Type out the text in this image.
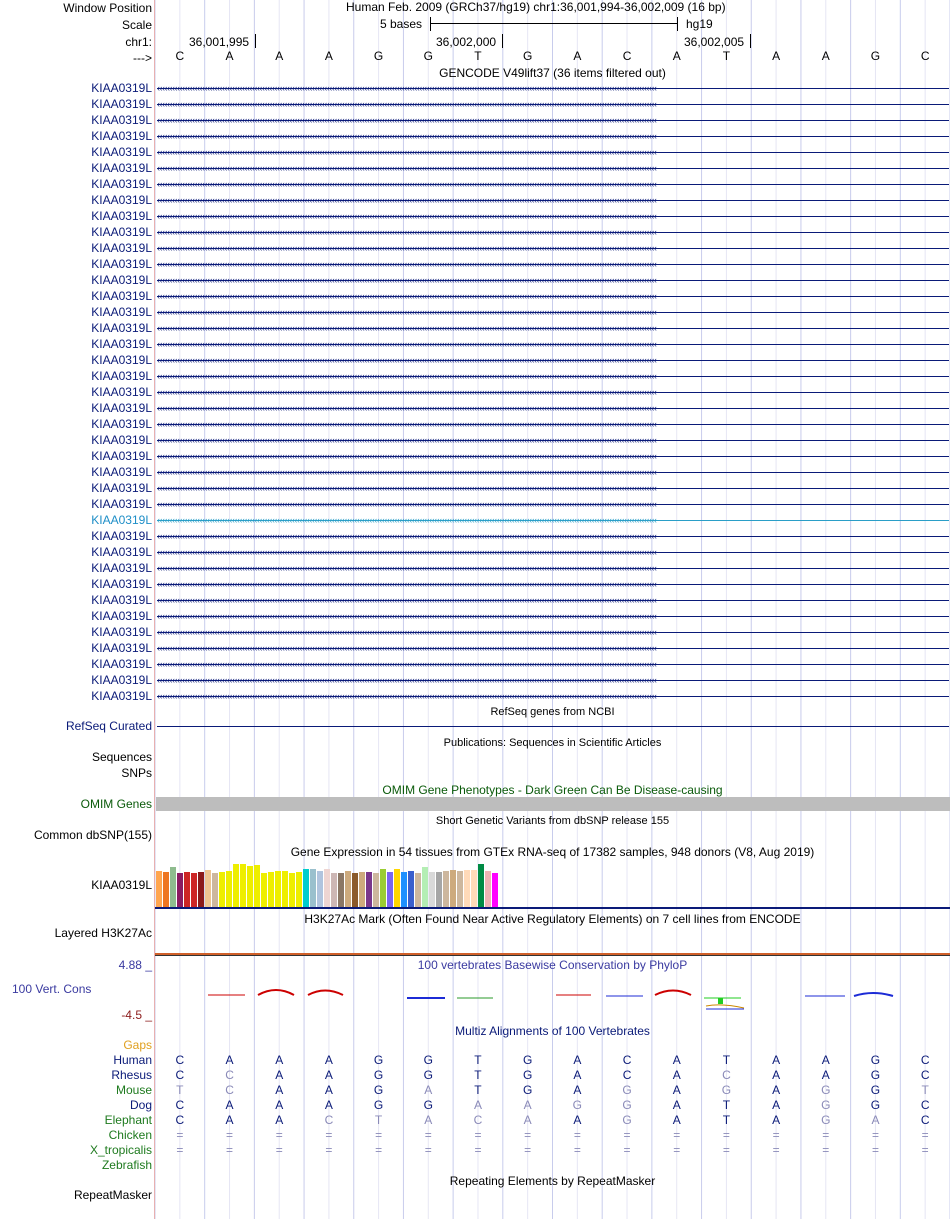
Window Position
Scale
chr1:
--->
Human Feb. 2009 (GRCh37/hg19) chr1:36,001,994-36,002,009 (16 bp)
5 bases	hg19
36,001,995	36,002,000	36,002,005
C	A	A	A	G	G	T	G	A	C	A	T	A	A	G	C
GENCODE V49lift37 (36 items filtered out)
KIAA0319L ‹‹‹‹‹‹‹‹‹‹‹‹‹‹‹‹‹‹‹‹‹‹‹‹‹‹‹‹‹‹‹‹‹‹‹‹‹‹‹‹‹‹‹‹‹‹‹‹‹‹‹‹‹‹‹‹‹‹‹‹‹‹‹‹‹‹‹‹‹‹‹‹‹‹‹‹‹‹‹‹‹‹‹‹‹‹‹‹‹‹‹‹‹‹‹‹‹‹‹‹‹‹‹‹‹‹‹‹‹‹‹‹‹‹‹‹‹‹‹‹‹‹‹‹‹‹‹‹‹‹‹‹‹‹‹‹‹‹‹‹‹‹‹‹‹‹‹‹‹‹‹‹‹‹‹‹‹‹‹‹‹‹‹‹‹‹‹‹‹‹‹‹‹‹‹‹‹‹‹‹‹‹‹‹‹‹‹‹‹‹‹‹‹‹‹‹‹‹‹‹
KIAA0319L ‹‹‹‹‹‹‹‹‹‹‹‹‹‹‹‹‹‹‹‹‹‹‹‹‹‹‹‹‹‹‹‹‹‹‹‹‹‹‹‹‹‹‹‹‹‹‹‹‹‹‹‹‹‹‹‹‹‹‹‹‹‹‹‹‹‹‹‹‹‹‹‹‹‹‹‹‹‹‹‹‹‹‹‹‹‹‹‹‹‹‹‹‹‹‹‹‹‹‹‹‹‹‹‹‹‹‹‹‹‹‹‹‹‹‹‹‹‹‹‹‹‹‹‹‹‹‹‹‹‹‹‹‹‹‹‹‹‹‹‹‹‹‹‹‹‹‹‹‹‹‹‹‹‹‹‹‹‹‹‹‹‹‹‹‹‹‹‹‹‹‹‹‹‹‹‹‹‹‹‹‹‹‹‹‹‹‹‹‹‹‹‹‹‹‹‹‹‹‹‹
KIAA0319L ‹‹‹‹‹‹‹‹‹‹‹‹‹‹‹‹‹‹‹‹‹‹‹‹‹‹‹‹‹‹‹‹‹‹‹‹‹‹‹‹‹‹‹‹‹‹‹‹‹‹‹‹‹‹‹‹‹‹‹‹‹‹‹‹‹‹‹‹‹‹‹‹‹‹‹‹‹‹‹‹‹‹‹‹‹‹‹‹‹‹‹‹‹‹‹‹‹‹‹‹‹‹‹‹‹‹‹‹‹‹‹‹‹‹‹‹‹‹‹‹‹‹‹‹‹‹‹‹‹‹‹‹‹‹‹‹‹‹‹‹‹‹‹‹‹‹‹‹‹‹‹‹‹‹‹‹‹‹‹‹‹‹‹‹‹‹‹‹‹‹‹‹‹‹‹‹‹‹‹‹‹‹‹‹‹‹‹‹‹‹‹‹‹‹‹‹‹‹‹‹
KIAA0319L ‹‹‹‹‹‹‹‹‹‹‹‹‹‹‹‹‹‹‹‹‹‹‹‹‹‹‹‹‹‹‹‹‹‹‹‹‹‹‹‹‹‹‹‹‹‹‹‹‹‹‹‹‹‹‹‹‹‹‹‹‹‹‹‹‹‹‹‹‹‹‹‹‹‹‹‹‹‹‹‹‹‹‹‹‹‹‹‹‹‹‹‹‹‹‹‹‹‹‹‹‹‹‹‹‹‹‹‹‹‹‹‹‹‹‹‹‹‹‹‹‹‹‹‹‹‹‹‹‹‹‹‹‹‹‹‹‹‹‹‹‹‹‹‹‹‹‹‹‹‹‹‹‹‹‹‹‹‹‹‹‹‹‹‹‹‹‹‹‹‹‹‹‹‹‹‹‹‹‹‹‹‹‹‹‹‹‹‹‹‹‹‹‹‹‹‹‹‹‹‹
KIAA0319L ‹‹‹‹‹‹‹‹‹‹‹‹‹‹‹‹‹‹‹‹‹‹‹‹‹‹‹‹‹‹‹‹‹‹‹‹‹‹‹‹‹‹‹‹‹‹‹‹‹‹‹‹‹‹‹‹‹‹‹‹‹‹‹‹‹‹‹‹‹‹‹‹‹‹‹‹‹‹‹‹‹‹‹‹‹‹‹‹‹‹‹‹‹‹‹‹‹‹‹‹‹‹‹‹‹‹‹‹‹‹‹‹‹‹‹‹‹‹‹‹‹‹‹‹‹‹‹‹‹‹‹‹‹‹‹‹‹‹‹‹‹‹‹‹‹‹‹‹‹‹‹‹‹‹‹‹‹‹‹‹‹‹‹‹‹‹‹‹‹‹‹‹‹‹‹‹‹‹‹‹‹‹‹‹‹‹‹‹‹‹‹‹‹‹‹‹‹‹‹‹
KIAA0319L ‹‹‹‹‹‹‹‹‹‹‹‹‹‹‹‹‹‹‹‹‹‹‹‹‹‹‹‹‹‹‹‹‹‹‹‹‹‹‹‹‹‹‹‹‹‹‹‹‹‹‹‹‹‹‹‹‹‹‹‹‹‹‹‹‹‹‹‹‹‹‹‹‹‹‹‹‹‹‹‹‹‹‹‹‹‹‹‹‹‹‹‹‹‹‹‹‹‹‹‹‹‹‹‹‹‹‹‹‹‹‹‹‹‹‹‹‹‹‹‹‹‹‹‹‹‹‹‹‹‹‹‹‹‹‹‹‹‹‹‹‹‹‹‹‹‹‹‹‹‹‹‹‹‹‹‹‹‹‹‹‹‹‹‹‹‹‹‹‹‹‹‹‹‹‹‹‹‹‹‹‹‹‹‹‹‹‹‹‹‹‹‹‹‹‹‹‹‹‹‹
KIAA0319L ‹‹‹‹‹‹‹‹‹‹‹‹‹‹‹‹‹‹‹‹‹‹‹‹‹‹‹‹‹‹‹‹‹‹‹‹‹‹‹‹‹‹‹‹‹‹‹‹‹‹‹‹‹‹‹‹‹‹‹‹‹‹‹‹‹‹‹‹‹‹‹‹‹‹‹‹‹‹‹‹‹‹‹‹‹‹‹‹‹‹‹‹‹‹‹‹‹‹‹‹‹‹‹‹‹‹‹‹‹‹‹‹‹‹‹‹‹‹‹‹‹‹‹‹‹‹‹‹‹‹‹‹‹‹‹‹‹‹‹‹‹‹‹‹‹‹‹‹‹‹‹‹‹‹‹‹‹‹‹‹‹‹‹‹‹‹‹‹‹‹‹‹‹‹‹‹‹‹‹‹‹‹‹‹‹‹‹‹‹‹‹‹‹‹‹‹‹‹‹‹
KIAA0319L ‹‹‹‹‹‹‹‹‹‹‹‹‹‹‹‹‹‹‹‹‹‹‹‹‹‹‹‹‹‹‹‹‹‹‹‹‹‹‹‹‹‹‹‹‹‹‹‹‹‹‹‹‹‹‹‹‹‹‹‹‹‹‹‹‹‹‹‹‹‹‹‹‹‹‹‹‹‹‹‹‹‹‹‹‹‹‹‹‹‹‹‹‹‹‹‹‹‹‹‹‹‹‹‹‹‹‹‹‹‹‹‹‹‹‹‹‹‹‹‹‹‹‹‹‹‹‹‹‹‹‹‹‹‹‹‹‹‹‹‹‹‹‹‹‹‹‹‹‹‹‹‹‹‹‹‹‹‹‹‹‹‹‹‹‹‹‹‹‹‹‹‹‹‹‹‹‹‹‹‹‹‹‹‹‹‹‹‹‹‹‹‹‹‹‹‹‹‹‹‹
KIAA0319L ‹‹‹‹‹‹‹‹‹‹‹‹‹‹‹‹‹‹‹‹‹‹‹‹‹‹‹‹‹‹‹‹‹‹‹‹‹‹‹‹‹‹‹‹‹‹‹‹‹‹‹‹‹‹‹‹‹‹‹‹‹‹‹‹‹‹‹‹‹‹‹‹‹‹‹‹‹‹‹‹‹‹‹‹‹‹‹‹‹‹‹‹‹‹‹‹‹‹‹‹‹‹‹‹‹‹‹‹‹‹‹‹‹‹‹‹‹‹‹‹‹‹‹‹‹‹‹‹‹‹‹‹‹‹‹‹‹‹‹‹‹‹‹‹‹‹‹‹‹‹‹‹‹‹‹‹‹‹‹‹‹‹‹‹‹‹‹‹‹‹‹‹‹‹‹‹‹‹‹‹‹‹‹‹‹‹‹‹‹‹‹‹‹‹‹‹‹‹‹‹
KIAA0319L ‹‹‹‹‹‹‹‹‹‹‹‹‹‹‹‹‹‹‹‹‹‹‹‹‹‹‹‹‹‹‹‹‹‹‹‹‹‹‹‹‹‹‹‹‹‹‹‹‹‹‹‹‹‹‹‹‹‹‹‹‹‹‹‹‹‹‹‹‹‹‹‹‹‹‹‹‹‹‹‹‹‹‹‹‹‹‹‹‹‹‹‹‹‹‹‹‹‹‹‹‹‹‹‹‹‹‹‹‹‹‹‹‹‹‹‹‹‹‹‹‹‹‹‹‹‹‹‹‹‹‹‹‹‹‹‹‹‹‹‹‹‹‹‹‹‹‹‹‹‹‹‹‹‹‹‹‹‹‹‹‹‹‹‹‹‹‹‹‹‹‹‹‹‹‹‹‹‹‹‹‹‹‹‹‹‹‹‹‹‹‹‹‹‹‹‹‹‹‹‹
KIAA0319L ‹‹‹‹‹‹‹‹‹‹‹‹‹‹‹‹‹‹‹‹‹‹‹‹‹‹‹‹‹‹‹‹‹‹‹‹‹‹‹‹‹‹‹‹‹‹‹‹‹‹‹‹‹‹‹‹‹‹‹‹‹‹‹‹‹‹‹‹‹‹‹‹‹‹‹‹‹‹‹‹‹‹‹‹‹‹‹‹‹‹‹‹‹‹‹‹‹‹‹‹‹‹‹‹‹‹‹‹‹‹‹‹‹‹‹‹‹‹‹‹‹‹‹‹‹‹‹‹‹‹‹‹‹‹‹‹‹‹‹‹‹‹‹‹‹‹‹‹‹‹‹‹‹‹‹‹‹‹‹‹‹‹‹‹‹‹‹‹‹‹‹‹‹‹‹‹‹‹‹‹‹‹‹‹‹‹‹‹‹‹‹‹‹‹‹‹‹‹‹‹
KIAA0319L ‹‹‹‹‹‹‹‹‹‹‹‹‹‹‹‹‹‹‹‹‹‹‹‹‹‹‹‹‹‹‹‹‹‹‹‹‹‹‹‹‹‹‹‹‹‹‹‹‹‹‹‹‹‹‹‹‹‹‹‹‹‹‹‹‹‹‹‹‹‹‹‹‹‹‹‹‹‹‹‹‹‹‹‹‹‹‹‹‹‹‹‹‹‹‹‹‹‹‹‹‹‹‹‹‹‹‹‹‹‹‹‹‹‹‹‹‹‹‹‹‹‹‹‹‹‹‹‹‹‹‹‹‹‹‹‹‹‹‹‹‹‹‹‹‹‹‹‹‹‹‹‹‹‹‹‹‹‹‹‹‹‹‹‹‹‹‹‹‹‹‹‹‹‹‹‹‹‹‹‹‹‹‹‹‹‹‹‹‹‹‹‹‹‹‹‹‹‹‹‹
KIAA0319L ‹‹‹‹‹‹‹‹‹‹‹‹‹‹‹‹‹‹‹‹‹‹‹‹‹‹‹‹‹‹‹‹‹‹‹‹‹‹‹‹‹‹‹‹‹‹‹‹‹‹‹‹‹‹‹‹‹‹‹‹‹‹‹‹‹‹‹‹‹‹‹‹‹‹‹‹‹‹‹‹‹‹‹‹‹‹‹‹‹‹‹‹‹‹‹‹‹‹‹‹‹‹‹‹‹‹‹‹‹‹‹‹‹‹‹‹‹‹‹‹‹‹‹‹‹‹‹‹‹‹‹‹‹‹‹‹‹‹‹‹‹‹‹‹‹‹‹‹‹‹‹‹‹‹‹‹‹‹‹‹‹‹‹‹‹‹‹‹‹‹‹‹‹‹‹‹‹‹‹‹‹‹‹‹‹‹‹‹‹‹‹‹‹‹‹‹‹‹‹‹
KIAA0319L ‹‹‹‹‹‹‹‹‹‹‹‹‹‹‹‹‹‹‹‹‹‹‹‹‹‹‹‹‹‹‹‹‹‹‹‹‹‹‹‹‹‹‹‹‹‹‹‹‹‹‹‹‹‹‹‹‹‹‹‹‹‹‹‹‹‹‹‹‹‹‹‹‹‹‹‹‹‹‹‹‹‹‹‹‹‹‹‹‹‹‹‹‹‹‹‹‹‹‹‹‹‹‹‹‹‹‹‹‹‹‹‹‹‹‹‹‹‹‹‹‹‹‹‹‹‹‹‹‹‹‹‹‹‹‹‹‹‹‹‹‹‹‹‹‹‹‹‹‹‹‹‹‹‹‹‹‹‹‹‹‹‹‹‹‹‹‹‹‹‹‹‹‹‹‹‹‹‹‹‹‹‹‹‹‹‹‹‹‹‹‹‹‹‹‹‹‹‹‹‹
KIAA0319L ‹‹‹‹‹‹‹‹‹‹‹‹‹‹‹‹‹‹‹‹‹‹‹‹‹‹‹‹‹‹‹‹‹‹‹‹‹‹‹‹‹‹‹‹‹‹‹‹‹‹‹‹‹‹‹‹‹‹‹‹‹‹‹‹‹‹‹‹‹‹‹‹‹‹‹‹‹‹‹‹‹‹‹‹‹‹‹‹‹‹‹‹‹‹‹‹‹‹‹‹‹‹‹‹‹‹‹‹‹‹‹‹‹‹‹‹‹‹‹‹‹‹‹‹‹‹‹‹‹‹‹‹‹‹‹‹‹‹‹‹‹‹‹‹‹‹‹‹‹‹‹‹‹‹‹‹‹‹‹‹‹‹‹‹‹‹‹‹‹‹‹‹‹‹‹‹‹‹‹‹‹‹‹‹‹‹‹‹‹‹‹‹‹‹‹‹‹‹‹‹
KIAA0319L ‹‹‹‹‹‹‹‹‹‹‹‹‹‹‹‹‹‹‹‹‹‹‹‹‹‹‹‹‹‹‹‹‹‹‹‹‹‹‹‹‹‹‹‹‹‹‹‹‹‹‹‹‹‹‹‹‹‹‹‹‹‹‹‹‹‹‹‹‹‹‹‹‹‹‹‹‹‹‹‹‹‹‹‹‹‹‹‹‹‹‹‹‹‹‹‹‹‹‹‹‹‹‹‹‹‹‹‹‹‹‹‹‹‹‹‹‹‹‹‹‹‹‹‹‹‹‹‹‹‹‹‹‹‹‹‹‹‹‹‹‹‹‹‹‹‹‹‹‹‹‹‹‹‹‹‹‹‹‹‹‹‹‹‹‹‹‹‹‹‹‹‹‹‹‹‹‹‹‹‹‹‹‹‹‹‹‹‹‹‹‹‹‹‹‹‹‹‹‹‹
KIAA0319L ‹‹‹‹‹‹‹‹‹‹‹‹‹‹‹‹‹‹‹‹‹‹‹‹‹‹‹‹‹‹‹‹‹‹‹‹‹‹‹‹‹‹‹‹‹‹‹‹‹‹‹‹‹‹‹‹‹‹‹‹‹‹‹‹‹‹‹‹‹‹‹‹‹‹‹‹‹‹‹‹‹‹‹‹‹‹‹‹‹‹‹‹‹‹‹‹‹‹‹‹‹‹‹‹‹‹‹‹‹‹‹‹‹‹‹‹‹‹‹‹‹‹‹‹‹‹‹‹‹‹‹‹‹‹‹‹‹‹‹‹‹‹‹‹‹‹‹‹‹‹‹‹‹‹‹‹‹‹‹‹‹‹‹‹‹‹‹‹‹‹‹‹‹‹‹‹‹‹‹‹‹‹‹‹‹‹‹‹‹‹‹‹‹‹‹‹‹‹‹‹
KIAA0319L ‹‹‹‹‹‹‹‹‹‹‹‹‹‹‹‹‹‹‹‹‹‹‹‹‹‹‹‹‹‹‹‹‹‹‹‹‹‹‹‹‹‹‹‹‹‹‹‹‹‹‹‹‹‹‹‹‹‹‹‹‹‹‹‹‹‹‹‹‹‹‹‹‹‹‹‹‹‹‹‹‹‹‹‹‹‹‹‹‹‹‹‹‹‹‹‹‹‹‹‹‹‹‹‹‹‹‹‹‹‹‹‹‹‹‹‹‹‹‹‹‹‹‹‹‹‹‹‹‹‹‹‹‹‹‹‹‹‹‹‹‹‹‹‹‹‹‹‹‹‹‹‹‹‹‹‹‹‹‹‹‹‹‹‹‹‹‹‹‹‹‹‹‹‹‹‹‹‹‹‹‹‹‹‹‹‹‹‹‹‹‹‹‹‹‹‹‹‹‹‹
KIAA0319L ‹‹‹‹‹‹‹‹‹‹‹‹‹‹‹‹‹‹‹‹‹‹‹‹‹‹‹‹‹‹‹‹‹‹‹‹‹‹‹‹‹‹‹‹‹‹‹‹‹‹‹‹‹‹‹‹‹‹‹‹‹‹‹‹‹‹‹‹‹‹‹‹‹‹‹‹‹‹‹‹‹‹‹‹‹‹‹‹‹‹‹‹‹‹‹‹‹‹‹‹‹‹‹‹‹‹‹‹‹‹‹‹‹‹‹‹‹‹‹‹‹‹‹‹‹‹‹‹‹‹‹‹‹‹‹‹‹‹‹‹‹‹‹‹‹‹‹‹‹‹‹‹‹‹‹‹‹‹‹‹‹‹‹‹‹‹‹‹‹‹‹‹‹‹‹‹‹‹‹‹‹‹‹‹‹‹‹‹‹‹‹‹‹‹‹‹‹‹‹‹
KIAA0319L ‹‹‹‹‹‹‹‹‹‹‹‹‹‹‹‹‹‹‹‹‹‹‹‹‹‹‹‹‹‹‹‹‹‹‹‹‹‹‹‹‹‹‹‹‹‹‹‹‹‹‹‹‹‹‹‹‹‹‹‹‹‹‹‹‹‹‹‹‹‹‹‹‹‹‹‹‹‹‹‹‹‹‹‹‹‹‹‹‹‹‹‹‹‹‹‹‹‹‹‹‹‹‹‹‹‹‹‹‹‹‹‹‹‹‹‹‹‹‹‹‹‹‹‹‹‹‹‹‹‹‹‹‹‹‹‹‹‹‹‹‹‹‹‹‹‹‹‹‹‹‹‹‹‹‹‹‹‹‹‹‹‹‹‹‹‹‹‹‹‹‹‹‹‹‹‹‹‹‹‹‹‹‹‹‹‹‹‹‹‹‹‹‹‹‹‹‹‹‹‹
KIAA0319L ‹‹‹‹‹‹‹‹‹‹‹‹‹‹‹‹‹‹‹‹‹‹‹‹‹‹‹‹‹‹‹‹‹‹‹‹‹‹‹‹‹‹‹‹‹‹‹‹‹‹‹‹‹‹‹‹‹‹‹‹‹‹‹‹‹‹‹‹‹‹‹‹‹‹‹‹‹‹‹‹‹‹‹‹‹‹‹‹‹‹‹‹‹‹‹‹‹‹‹‹‹‹‹‹‹‹‹‹‹‹‹‹‹‹‹‹‹‹‹‹‹‹‹‹‹‹‹‹‹‹‹‹‹‹‹‹‹‹‹‹‹‹‹‹‹‹‹‹‹‹‹‹‹‹‹‹‹‹‹‹‹‹‹‹‹‹‹‹‹‹‹‹‹‹‹‹‹‹‹‹‹‹‹‹‹‹‹‹‹‹‹‹‹‹‹‹‹‹‹‹
KIAA0319L ‹‹‹‹‹‹‹‹‹‹‹‹‹‹‹‹‹‹‹‹‹‹‹‹‹‹‹‹‹‹‹‹‹‹‹‹‹‹‹‹‹‹‹‹‹‹‹‹‹‹‹‹‹‹‹‹‹‹‹‹‹‹‹‹‹‹‹‹‹‹‹‹‹‹‹‹‹‹‹‹‹‹‹‹‹‹‹‹‹‹‹‹‹‹‹‹‹‹‹‹‹‹‹‹‹‹‹‹‹‹‹‹‹‹‹‹‹‹‹‹‹‹‹‹‹‹‹‹‹‹‹‹‹‹‹‹‹‹‹‹‹‹‹‹‹‹‹‹‹‹‹‹‹‹‹‹‹‹‹‹‹‹‹‹‹‹‹‹‹‹‹‹‹‹‹‹‹‹‹‹‹‹‹‹‹‹‹‹‹‹‹‹‹‹‹‹‹‹‹‹
KIAA0319L ‹‹‹‹‹‹‹‹‹‹‹‹‹‹‹‹‹‹‹‹‹‹‹‹‹‹‹‹‹‹‹‹‹‹‹‹‹‹‹‹‹‹‹‹‹‹‹‹‹‹‹‹‹‹‹‹‹‹‹‹‹‹‹‹‹‹‹‹‹‹‹‹‹‹‹‹‹‹‹‹‹‹‹‹‹‹‹‹‹‹‹‹‹‹‹‹‹‹‹‹‹‹‹‹‹‹‹‹‹‹‹‹‹‹‹‹‹‹‹‹‹‹‹‹‹‹‹‹‹‹‹‹‹‹‹‹‹‹‹‹‹‹‹‹‹‹‹‹‹‹‹‹‹‹‹‹‹‹‹‹‹‹‹‹‹‹‹‹‹‹‹‹‹‹‹‹‹‹‹‹‹‹‹‹‹‹‹‹‹‹‹‹‹‹‹‹‹‹‹‹
KIAA0319L ‹‹‹‹‹‹‹‹‹‹‹‹‹‹‹‹‹‹‹‹‹‹‹‹‹‹‹‹‹‹‹‹‹‹‹‹‹‹‹‹‹‹‹‹‹‹‹‹‹‹‹‹‹‹‹‹‹‹‹‹‹‹‹‹‹‹‹‹‹‹‹‹‹‹‹‹‹‹‹‹‹‹‹‹‹‹‹‹‹‹‹‹‹‹‹‹‹‹‹‹‹‹‹‹‹‹‹‹‹‹‹‹‹‹‹‹‹‹‹‹‹‹‹‹‹‹‹‹‹‹‹‹‹‹‹‹‹‹‹‹‹‹‹‹‹‹‹‹‹‹‹‹‹‹‹‹‹‹‹‹‹‹‹‹‹‹‹‹‹‹‹‹‹‹‹‹‹‹‹‹‹‹‹‹‹‹‹‹‹‹‹‹‹‹‹‹‹‹‹‹
KIAA0319L ‹‹‹‹‹‹‹‹‹‹‹‹‹‹‹‹‹‹‹‹‹‹‹‹‹‹‹‹‹‹‹‹‹‹‹‹‹‹‹‹‹‹‹‹‹‹‹‹‹‹‹‹‹‹‹‹‹‹‹‹‹‹‹‹‹‹‹‹‹‹‹‹‹‹‹‹‹‹‹‹‹‹‹‹‹‹‹‹‹‹‹‹‹‹‹‹‹‹‹‹‹‹‹‹‹‹‹‹‹‹‹‹‹‹‹‹‹‹‹‹‹‹‹‹‹‹‹‹‹‹‹‹‹‹‹‹‹‹‹‹‹‹‹‹‹‹‹‹‹‹‹‹‹‹‹‹‹‹‹‹‹‹‹‹‹‹‹‹‹‹‹‹‹‹‹‹‹‹‹‹‹‹‹‹‹‹‹‹‹‹‹‹‹‹‹‹‹‹‹‹
KIAA0319L ‹‹‹‹‹‹‹‹‹‹‹‹‹‹‹‹‹‹‹‹‹‹‹‹‹‹‹‹‹‹‹‹‹‹‹‹‹‹‹‹‹‹‹‹‹‹‹‹‹‹‹‹‹‹‹‹‹‹‹‹‹‹‹‹‹‹‹‹‹‹‹‹‹‹‹‹‹‹‹‹‹‹‹‹‹‹‹‹‹‹‹‹‹‹‹‹‹‹‹‹‹‹‹‹‹‹‹‹‹‹‹‹‹‹‹‹‹‹‹‹‹‹‹‹‹‹‹‹‹‹‹‹‹‹‹‹‹‹‹‹‹‹‹‹‹‹‹‹‹‹‹‹‹‹‹‹‹‹‹‹‹‹‹‹‹‹‹‹‹‹‹‹‹‹‹‹‹‹‹‹‹‹‹‹‹‹‹‹‹‹‹‹‹‹‹‹‹‹‹‹
KIAA0319L ‹‹‹‹‹‹‹‹‹‹‹‹‹‹‹‹‹‹‹‹‹‹‹‹‹‹‹‹‹‹‹‹‹‹‹‹‹‹‹‹‹‹‹‹‹‹‹‹‹‹‹‹‹‹‹‹‹‹‹‹‹‹‹‹‹‹‹‹‹‹‹‹‹‹‹‹‹‹‹‹‹‹‹‹‹‹‹‹‹‹‹‹‹‹‹‹‹‹‹‹‹‹‹‹‹‹‹‹‹‹‹‹‹‹‹‹‹‹‹‹‹‹‹‹‹‹‹‹‹‹‹‹‹‹‹‹‹‹‹‹‹‹‹‹‹‹‹‹‹‹‹‹‹‹‹‹‹‹‹‹‹‹‹‹‹‹‹‹‹‹‹‹‹‹‹‹‹‹‹‹‹‹‹‹‹‹‹‹‹‹‹‹‹‹‹‹‹‹‹‹
KIAA0319L ‹‹‹‹‹‹‹‹‹‹‹‹‹‹‹‹‹‹‹‹‹‹‹‹‹‹‹‹‹‹‹‹‹‹‹‹‹‹‹‹‹‹‹‹‹‹‹‹‹‹‹‹‹‹‹‹‹‹‹‹‹‹‹‹‹‹‹‹‹‹‹‹‹‹‹‹‹‹‹‹‹‹‹‹‹‹‹‹‹‹‹‹‹‹‹‹‹‹‹‹‹‹‹‹‹‹‹‹‹‹‹‹‹‹‹‹‹‹‹‹‹‹‹‹‹‹‹‹‹‹‹‹‹‹‹‹‹‹‹‹‹‹‹‹‹‹‹‹‹‹‹‹‹‹‹‹‹‹‹‹‹‹‹‹‹‹‹‹‹‹‹‹‹‹‹‹‹‹‹‹‹‹‹‹‹‹‹‹‹‹‹‹‹‹‹‹‹‹‹‹
KIAA0319L ‹‹‹‹‹‹‹‹‹‹‹‹‹‹‹‹‹‹‹‹‹‹‹‹‹‹‹‹‹‹‹‹‹‹‹‹‹‹‹‹‹‹‹‹‹‹‹‹‹‹‹‹‹‹‹‹‹‹‹‹‹‹‹‹‹‹‹‹‹‹‹‹‹‹‹‹‹‹‹‹‹‹‹‹‹‹‹‹‹‹‹‹‹‹‹‹‹‹‹‹‹‹‹‹‹‹‹‹‹‹‹‹‹‹‹‹‹‹‹‹‹‹‹‹‹‹‹‹‹‹‹‹‹‹‹‹‹‹‹‹‹‹‹‹‹‹‹‹‹‹‹‹‹‹‹‹‹‹‹‹‹‹‹‹‹‹‹‹‹‹‹‹‹‹‹‹‹‹‹‹‹‹‹‹‹‹‹‹‹‹‹‹‹‹‹‹‹‹‹‹
KIAA0319L ‹‹‹‹‹‹‹‹‹‹‹‹‹‹‹‹‹‹‹‹‹‹‹‹‹‹‹‹‹‹‹‹‹‹‹‹‹‹‹‹‹‹‹‹‹‹‹‹‹‹‹‹‹‹‹‹‹‹‹‹‹‹‹‹‹‹‹‹‹‹‹‹‹‹‹‹‹‹‹‹‹‹‹‹‹‹‹‹‹‹‹‹‹‹‹‹‹‹‹‹‹‹‹‹‹‹‹‹‹‹‹‹‹‹‹‹‹‹‹‹‹‹‹‹‹‹‹‹‹‹‹‹‹‹‹‹‹‹‹‹‹‹‹‹‹‹‹‹‹‹‹‹‹‹‹‹‹‹‹‹‹‹‹‹‹‹‹‹‹‹‹‹‹‹‹‹‹‹‹‹‹‹‹‹‹‹‹‹‹‹‹‹‹‹‹‹‹‹‹‹
KIAA0319L ‹‹‹‹‹‹‹‹‹‹‹‹‹‹‹‹‹‹‹‹‹‹‹‹‹‹‹‹‹‹‹‹‹‹‹‹‹‹‹‹‹‹‹‹‹‹‹‹‹‹‹‹‹‹‹‹‹‹‹‹‹‹‹‹‹‹‹‹‹‹‹‹‹‹‹‹‹‹‹‹‹‹‹‹‹‹‹‹‹‹‹‹‹‹‹‹‹‹‹‹‹‹‹‹‹‹‹‹‹‹‹‹‹‹‹‹‹‹‹‹‹‹‹‹‹‹‹‹‹‹‹‹‹‹‹‹‹‹‹‹‹‹‹‹‹‹‹‹‹‹‹‹‹‹‹‹‹‹‹‹‹‹‹‹‹‹‹‹‹‹‹‹‹‹‹‹‹‹‹‹‹‹‹‹‹‹‹‹‹‹‹‹‹‹‹‹‹‹‹‹
KIAA0319L ‹‹‹‹‹‹‹‹‹‹‹‹‹‹‹‹‹‹‹‹‹‹‹‹‹‹‹‹‹‹‹‹‹‹‹‹‹‹‹‹‹‹‹‹‹‹‹‹‹‹‹‹‹‹‹‹‹‹‹‹‹‹‹‹‹‹‹‹‹‹‹‹‹‹‹‹‹‹‹‹‹‹‹‹‹‹‹‹‹‹‹‹‹‹‹‹‹‹‹‹‹‹‹‹‹‹‹‹‹‹‹‹‹‹‹‹‹‹‹‹‹‹‹‹‹‹‹‹‹‹‹‹‹‹‹‹‹‹‹‹‹‹‹‹‹‹‹‹‹‹‹‹‹‹‹‹‹‹‹‹‹‹‹‹‹‹‹‹‹‹‹‹‹‹‹‹‹‹‹‹‹‹‹‹‹‹‹‹‹‹‹‹‹‹‹‹‹‹‹‹
KIAA0319L ‹‹‹‹‹‹‹‹‹‹‹‹‹‹‹‹‹‹‹‹‹‹‹‹‹‹‹‹‹‹‹‹‹‹‹‹‹‹‹‹‹‹‹‹‹‹‹‹‹‹‹‹‹‹‹‹‹‹‹‹‹‹‹‹‹‹‹‹‹‹‹‹‹‹‹‹‹‹‹‹‹‹‹‹‹‹‹‹‹‹‹‹‹‹‹‹‹‹‹‹‹‹‹‹‹‹‹‹‹‹‹‹‹‹‹‹‹‹‹‹‹‹‹‹‹‹‹‹‹‹‹‹‹‹‹‹‹‹‹‹‹‹‹‹‹‹‹‹‹‹‹‹‹‹‹‹‹‹‹‹‹‹‹‹‹‹‹‹‹‹‹‹‹‹‹‹‹‹‹‹‹‹‹‹‹‹‹‹‹‹‹‹‹‹‹‹‹‹‹‹
KIAA0319L ‹‹‹‹‹‹‹‹‹‹‹‹‹‹‹‹‹‹‹‹‹‹‹‹‹‹‹‹‹‹‹‹‹‹‹‹‹‹‹‹‹‹‹‹‹‹‹‹‹‹‹‹‹‹‹‹‹‹‹‹‹‹‹‹‹‹‹‹‹‹‹‹‹‹‹‹‹‹‹‹‹‹‹‹‹‹‹‹‹‹‹‹‹‹‹‹‹‹‹‹‹‹‹‹‹‹‹‹‹‹‹‹‹‹‹‹‹‹‹‹‹‹‹‹‹‹‹‹‹‹‹‹‹‹‹‹‹‹‹‹‹‹‹‹‹‹‹‹‹‹‹‹‹‹‹‹‹‹‹‹‹‹‹‹‹‹‹‹‹‹‹‹‹‹‹‹‹‹‹‹‹‹‹‹‹‹‹‹‹‹‹‹‹‹‹‹‹‹‹‹
KIAA0319L ‹‹‹‹‹‹‹‹‹‹‹‹‹‹‹‹‹‹‹‹‹‹‹‹‹‹‹‹‹‹‹‹‹‹‹‹‹‹‹‹‹‹‹‹‹‹‹‹‹‹‹‹‹‹‹‹‹‹‹‹‹‹‹‹‹‹‹‹‹‹‹‹‹‹‹‹‹‹‹‹‹‹‹‹‹‹‹‹‹‹‹‹‹‹‹‹‹‹‹‹‹‹‹‹‹‹‹‹‹‹‹‹‹‹‹‹‹‹‹‹‹‹‹‹‹‹‹‹‹‹‹‹‹‹‹‹‹‹‹‹‹‹‹‹‹‹‹‹‹‹‹‹‹‹‹‹‹‹‹‹‹‹‹‹‹‹‹‹‹‹‹‹‹‹‹‹‹‹‹‹‹‹‹‹‹‹‹‹‹‹‹‹‹‹‹‹‹‹‹‹
KIAA0319L ‹‹‹‹‹‹‹‹‹‹‹‹‹‹‹‹‹‹‹‹‹‹‹‹‹‹‹‹‹‹‹‹‹‹‹‹‹‹‹‹‹‹‹‹‹‹‹‹‹‹‹‹‹‹‹‹‹‹‹‹‹‹‹‹‹‹‹‹‹‹‹‹‹‹‹‹‹‹‹‹‹‹‹‹‹‹‹‹‹‹‹‹‹‹‹‹‹‹‹‹‹‹‹‹‹‹‹‹‹‹‹‹‹‹‹‹‹‹‹‹‹‹‹‹‹‹‹‹‹‹‹‹‹‹‹‹‹‹‹‹‹‹‹‹‹‹‹‹‹‹‹‹‹‹‹‹‹‹‹‹‹‹‹‹‹‹‹‹‹‹‹‹‹‹‹‹‹‹‹‹‹‹‹‹‹‹‹‹‹‹‹‹‹‹‹‹‹‹‹‹
KIAA0319L ‹‹‹‹‹‹‹‹‹‹‹‹‹‹‹‹‹‹‹‹‹‹‹‹‹‹‹‹‹‹‹‹‹‹‹‹‹‹‹‹‹‹‹‹‹‹‹‹‹‹‹‹‹‹‹‹‹‹‹‹‹‹‹‹‹‹‹‹‹‹‹‹‹‹‹‹‹‹‹‹‹‹‹‹‹‹‹‹‹‹‹‹‹‹‹‹‹‹‹‹‹‹‹‹‹‹‹‹‹‹‹‹‹‹‹‹‹‹‹‹‹‹‹‹‹‹‹‹‹‹‹‹‹‹‹‹‹‹‹‹‹‹‹‹‹‹‹‹‹‹‹‹‹‹‹‹‹‹‹‹‹‹‹‹‹‹‹‹‹‹‹‹‹‹‹‹‹‹‹‹‹‹‹‹‹‹‹‹‹‹‹‹‹‹‹‹‹‹‹‹
KIAA0319L ‹‹‹‹‹‹‹‹‹‹‹‹‹‹‹‹‹‹‹‹‹‹‹‹‹‹‹‹‹‹‹‹‹‹‹‹‹‹‹‹‹‹‹‹‹‹‹‹‹‹‹‹‹‹‹‹‹‹‹‹‹‹‹‹‹‹‹‹‹‹‹‹‹‹‹‹‹‹‹‹‹‹‹‹‹‹‹‹‹‹‹‹‹‹‹‹‹‹‹‹‹‹‹‹‹‹‹‹‹‹‹‹‹‹‹‹‹‹‹‹‹‹‹‹‹‹‹‹‹‹‹‹‹‹‹‹‹‹‹‹‹‹‹‹‹‹‹‹‹‹‹‹‹‹‹‹‹‹‹‹‹‹‹‹‹‹‹‹‹‹‹‹‹‹‹‹‹‹‹‹‹‹‹‹‹‹‹‹‹‹‹‹‹‹‹‹‹‹‹‹
KIAA0319L ‹‹‹‹‹‹‹‹‹‹‹‹‹‹‹‹‹‹‹‹‹‹‹‹‹‹‹‹‹‹‹‹‹‹‹‹‹‹‹‹‹‹‹‹‹‹‹‹‹‹‹‹‹‹‹‹‹‹‹‹‹‹‹‹‹‹‹‹‹‹‹‹‹‹‹‹‹‹‹‹‹‹‹‹‹‹‹‹‹‹‹‹‹‹‹‹‹‹‹‹‹‹‹‹‹‹‹‹‹‹‹‹‹‹‹‹‹‹‹‹‹‹‹‹‹‹‹‹‹‹‹‹‹‹‹‹‹‹‹‹‹‹‹‹‹‹‹‹‹‹‹‹‹‹‹‹‹‹‹‹‹‹‹‹‹‹‹‹‹‹‹‹‹‹‹‹‹‹‹‹‹‹‹‹‹‹‹‹‹‹‹‹‹‹‹‹‹‹‹‹
RefSeq genes from NCBI
RefSeq Curated
Publications: Sequences in Scientific Articles
Sequences
SNPs
OMIM Gene Phenotypes - Dark Green Can Be Disease-causing
OMIM Genes
Short Genetic Variants from dbSNP release 155
Common dbSNP(155)
Gene Expression in 54 tissues from GTEx RNA-seq of 17382 samples, 948 donors (V8, Aug 2019)
KIAA0319L
H3K27Ac Mark (Often Found Near Active Regulatory Elements) on 7 cell lines from ENCODE
Layered H3K27Ac
100 vertebrates Basewise Conservation by PhyloP
4.88 _
100 Vert. Cons
-4.5 _
Multiz Alignments of 100 Vertebrates
Gaps
Human C	A	A	A	G	G	T	G	A	C	A	T	A	A	G	C
Rhesus C	C	A	A	G	G	T	G	A	C	A	C	A	A	G	C
Mouse T	C	A	A	G	A	T	G	A	G	A	G	A	G	G	T
Dog C	A	A	A	G	G	A	A	G	G	A	T	A	G	G	C
Elephant C	A	A	C	T	A	C	A	A	G	A	T	A	G	A	C
Chicken =	=	=	=	=	=	=	=	=	=	=	=	=	=	=	=
X_tropicalis =	=	=	=	=	=	=	=	=	=	=	=	=	=	=	=
Zebrafish
Repeating Elements by RepeatMasker
RepeatMasker
